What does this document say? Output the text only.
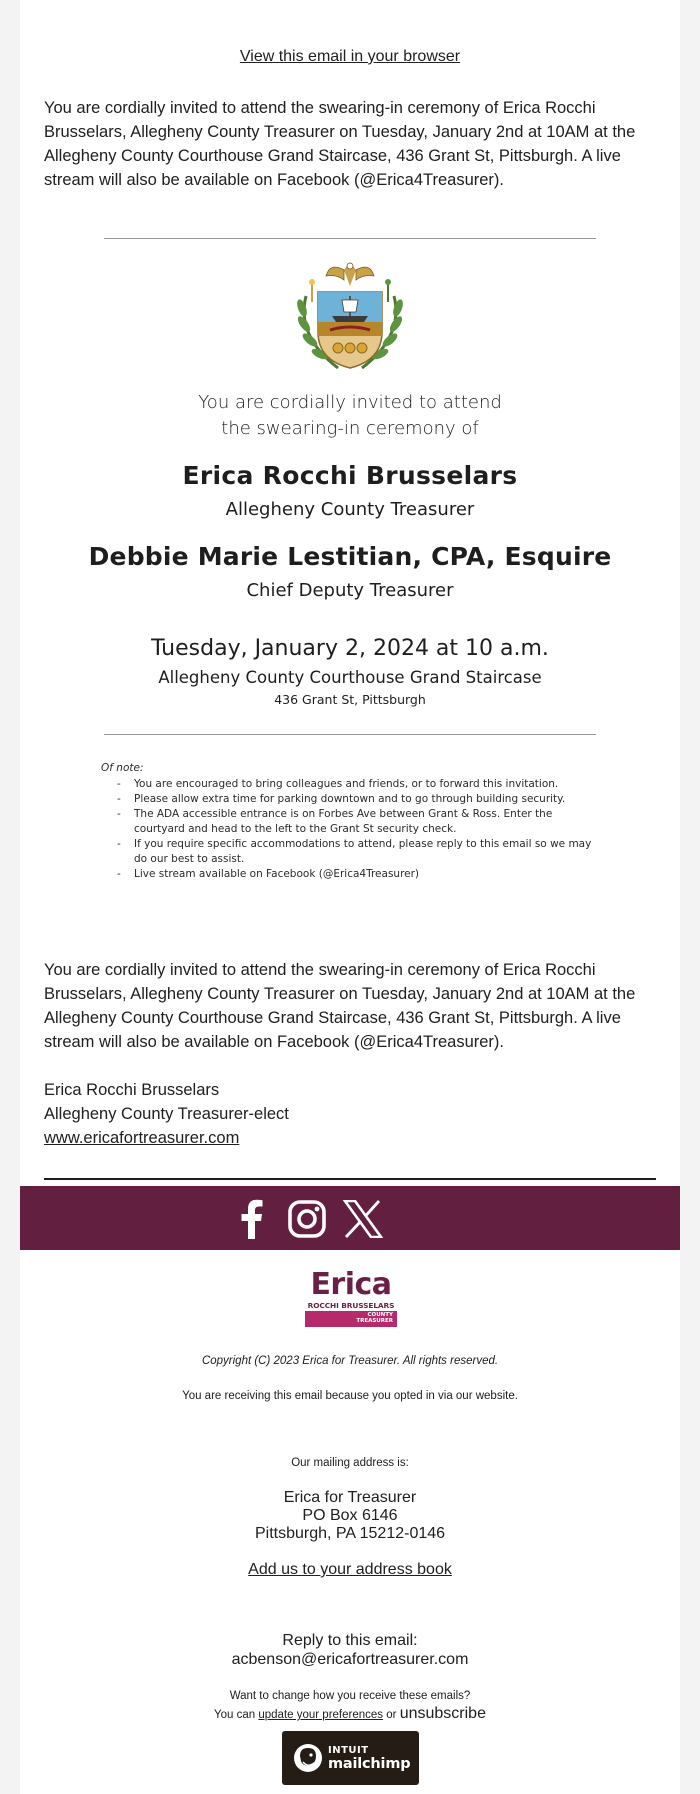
View this email in your browser

You are cordially invited to attend the swearing-in ceremony of Erica Rocchi Brusselars, Allegheny County Treasurer on Tuesday, January 2nd at 10AM at the Allegheny County Courthouse Grand Staircase, 436 Grant St, Pittsburgh. A live stream will also be available on Facebook (@Erica4Treasurer).

You are cordially invited to attend
the swearing-in ceremony of
Erica Rocchi Brusselars
Allegheny County Treasurer
Debbie Marie Lestitian, CPA, Esquire
Chief Deputy Treasurer
Tuesday, January 2, 2024 at 10 a.m.
Allegheny County Courthouse Grand Staircase
436 Grant St, Pittsburgh
Of note:
- You are encouraged to bring colleagues and friends, or to forward this invitation.
- Please allow extra time for parking downtown and to go through building security.
- The ADA accessible entrance is on Forbes Ave between Grant & Ross. Enter the courtyard and head to the left to the Grant St security check.
- If you require specific accommodations to attend, please reply to this email so we may do our best to assist.
- Live stream available on Facebook (@Erica4Treasurer)

You are cordially invited to attend the swearing-in ceremony of Erica Rocchi Brusselars, Allegheny County Treasurer on Tuesday, January 2nd at 10AM at the Allegheny County Courthouse Grand Staircase, 436 Grant St, Pittsburgh. A live stream will also be available on Facebook (@Erica4Treasurer).

Erica Rocchi Brusselars
Allegheny County Treasurer-elect
www.ericafortreasurer.com
Erica
ROCCHI BRUSSELARS
COUNTY
TREASURER
Copyright (C) 2023 Erica for Treasurer. All rights reserved.
You are receiving this email because you opted in via our website.
Our mailing address is:
Erica for Treasurer
PO Box 6146
Pittsburgh, PA 15212-0146
Add us to your address book
Reply to this email:
acbenson@ericafortreasurer.com
Want to change how you receive these emails?
You can update your preferences or unsubscribe
INTUIT
mailchimp
